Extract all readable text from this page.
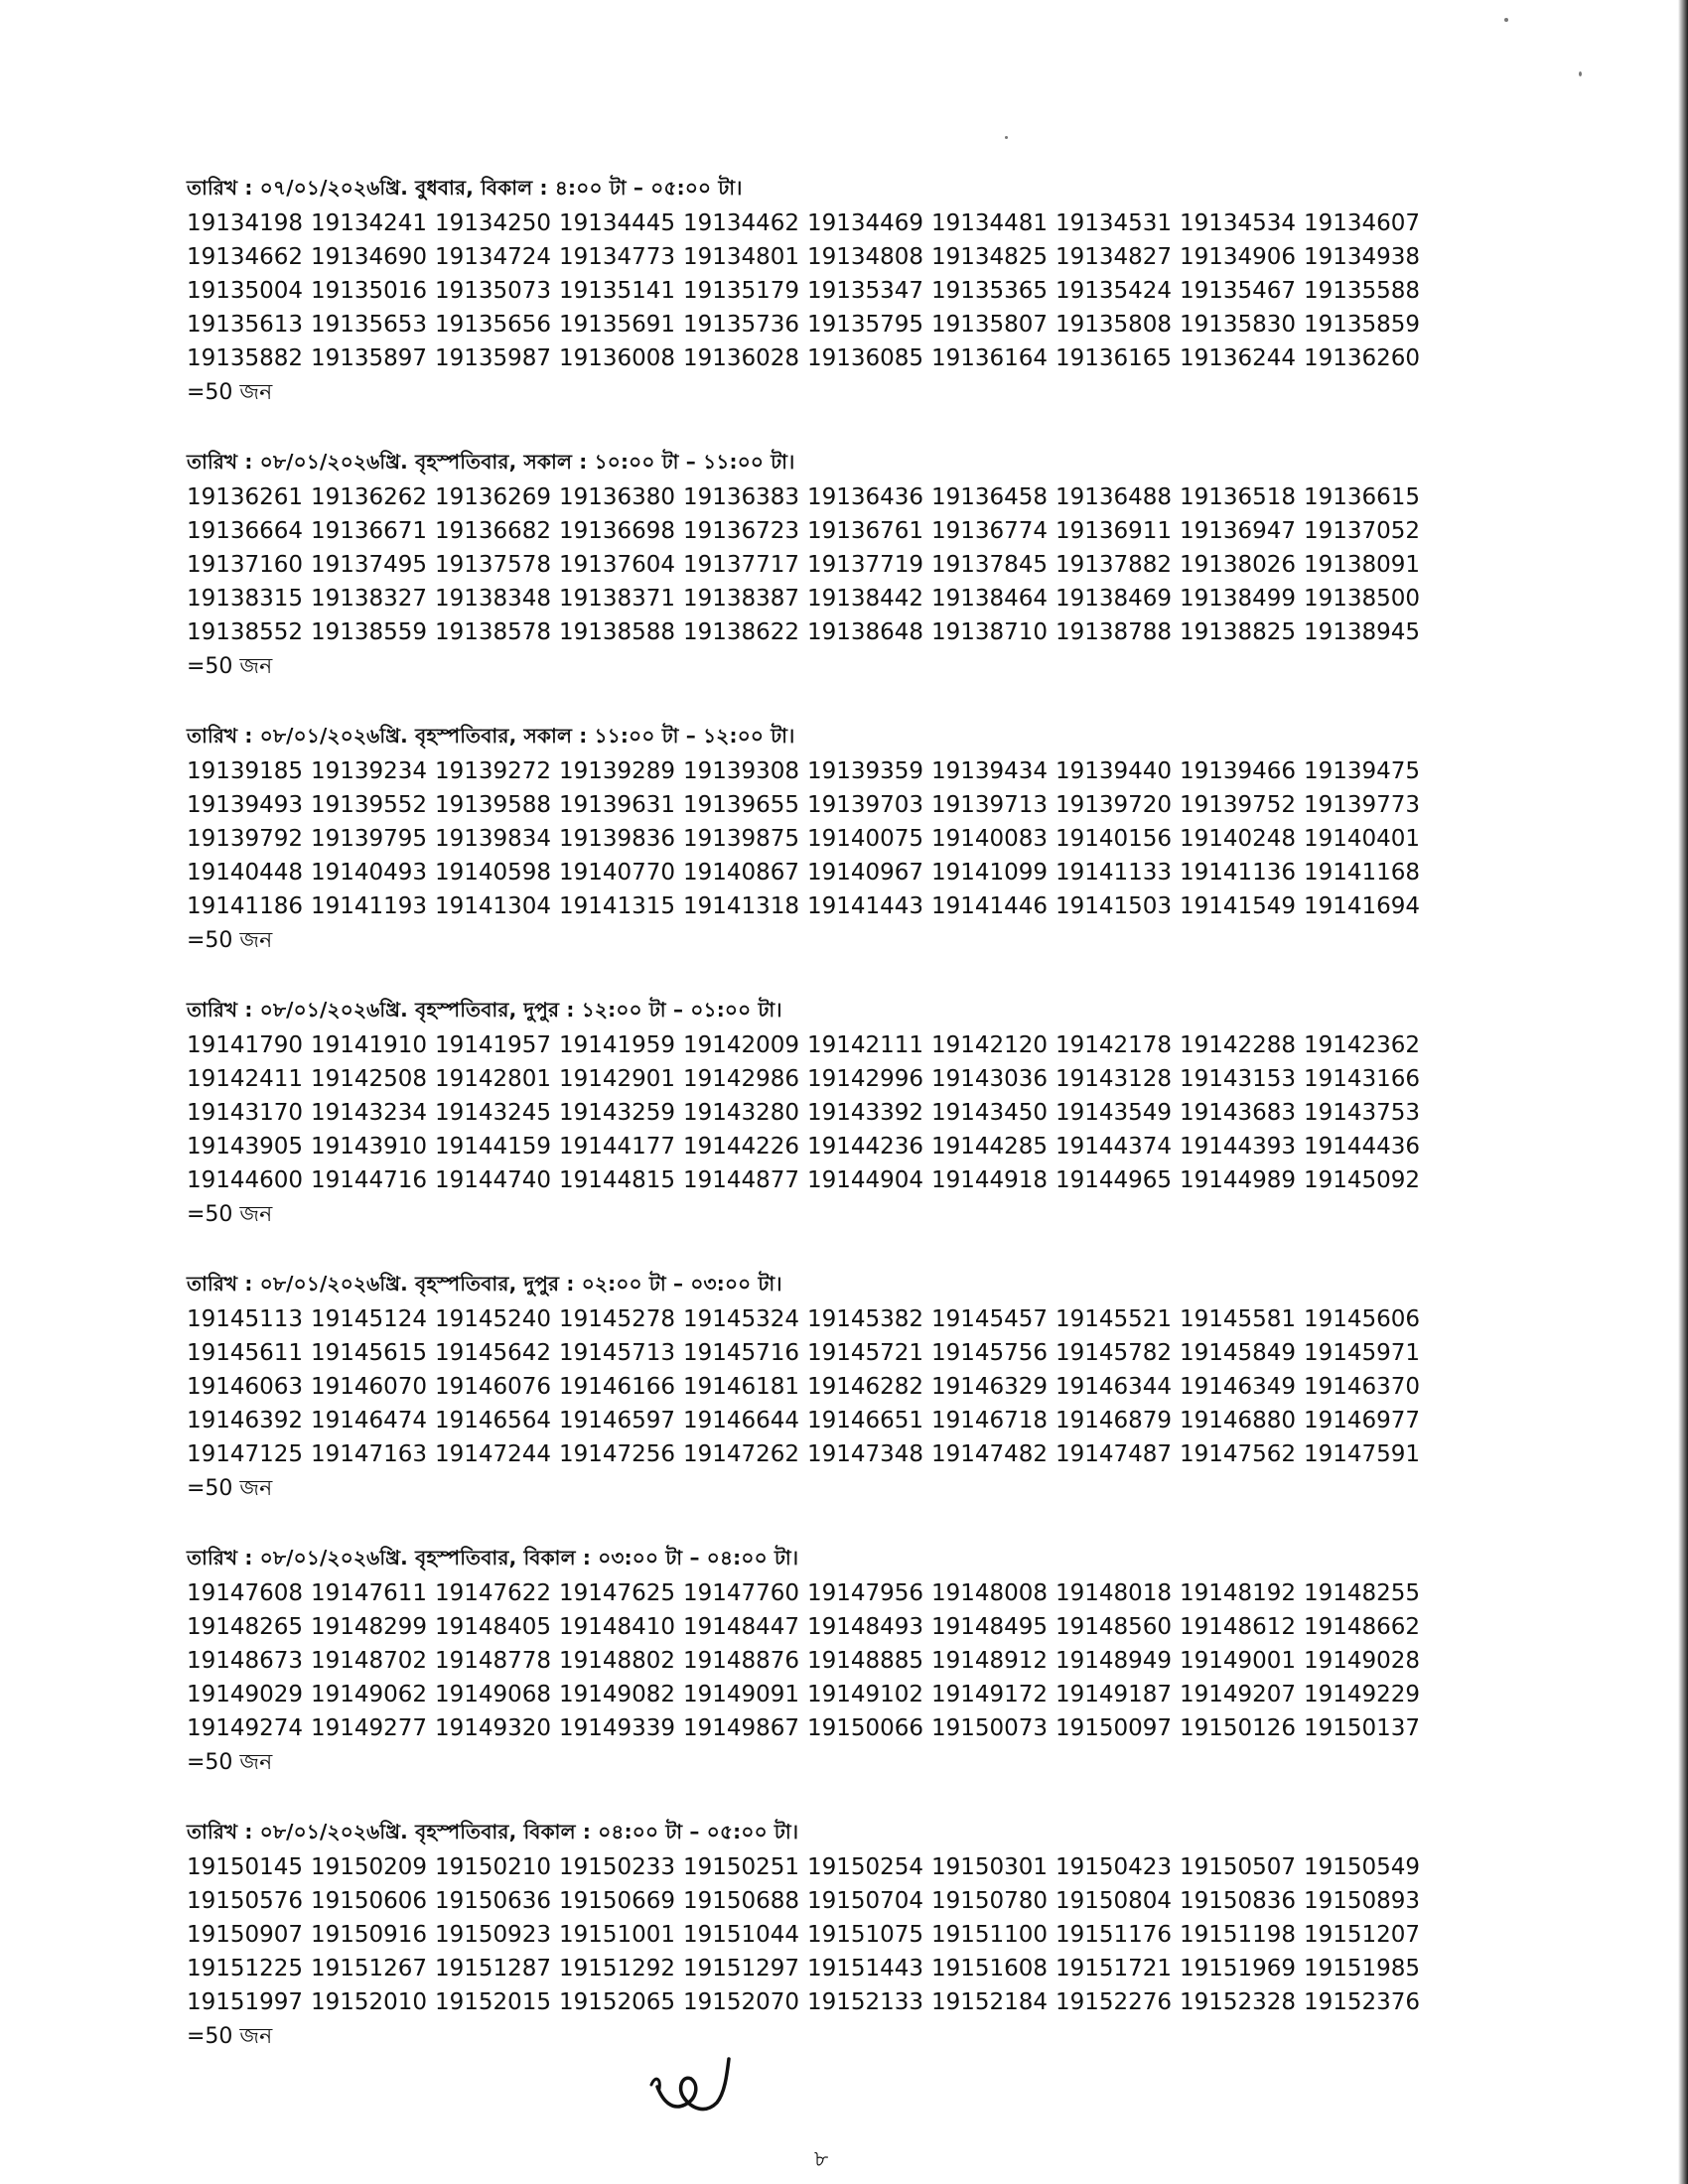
তারিখ : ০৭/০১/২০২৬খ্রি. বুধবার, বিকাল : ৪:০০ টা – ০৫:০০ টা।
19134198 19134241 19134250 19134445 19134462 19134469 19134481 19134531 19134534 19134607
19134662 19134690 19134724 19134773 19134801 19134808 19134825 19134827 19134906 19134938
19135004 19135016 19135073 19135141 19135179 19135347 19135365 19135424 19135467 19135588
19135613 19135653 19135656 19135691 19135736 19135795 19135807 19135808 19135830 19135859
19135882 19135897 19135987 19136008 19136028 19136085 19136164 19136165 19136244 19136260
=50 জন
তারিখ : ০৮/০১/২০২৬খ্রি. বৃহস্পতিবার, সকাল : ১০:০০ টা – ১১:০০ টা।
19136261 19136262 19136269 19136380 19136383 19136436 19136458 19136488 19136518 19136615
19136664 19136671 19136682 19136698 19136723 19136761 19136774 19136911 19136947 19137052
19137160 19137495 19137578 19137604 19137717 19137719 19137845 19137882 19138026 19138091
19138315 19138327 19138348 19138371 19138387 19138442 19138464 19138469 19138499 19138500
19138552 19138559 19138578 19138588 19138622 19138648 19138710 19138788 19138825 19138945
=50 জন
তারিখ : ০৮/০১/২০২৬খ্রি. বৃহস্পতিবার, সকাল : ১১:০০ টা – ১২:০০ টা।
19139185 19139234 19139272 19139289 19139308 19139359 19139434 19139440 19139466 19139475
19139493 19139552 19139588 19139631 19139655 19139703 19139713 19139720 19139752 19139773
19139792 19139795 19139834 19139836 19139875 19140075 19140083 19140156 19140248 19140401
19140448 19140493 19140598 19140770 19140867 19140967 19141099 19141133 19141136 19141168
19141186 19141193 19141304 19141315 19141318 19141443 19141446 19141503 19141549 19141694
=50 জন
তারিখ : ০৮/০১/২০২৬খ্রি. বৃহস্পতিবার, দুপুর : ১২:০০ টা – ০১:০০ টা।
19141790 19141910 19141957 19141959 19142009 19142111 19142120 19142178 19142288 19142362
19142411 19142508 19142801 19142901 19142986 19142996 19143036 19143128 19143153 19143166
19143170 19143234 19143245 19143259 19143280 19143392 19143450 19143549 19143683 19143753
19143905 19143910 19144159 19144177 19144226 19144236 19144285 19144374 19144393 19144436
19144600 19144716 19144740 19144815 19144877 19144904 19144918 19144965 19144989 19145092
=50 জন
তারিখ : ০৮/০১/২০২৬খ্রি. বৃহস্পতিবার, দুপুর : ০২:০০ টা – ০৩:০০ টা।
19145113 19145124 19145240 19145278 19145324 19145382 19145457 19145521 19145581 19145606
19145611 19145615 19145642 19145713 19145716 19145721 19145756 19145782 19145849 19145971
19146063 19146070 19146076 19146166 19146181 19146282 19146329 19146344 19146349 19146370
19146392 19146474 19146564 19146597 19146644 19146651 19146718 19146879 19146880 19146977
19147125 19147163 19147244 19147256 19147262 19147348 19147482 19147487 19147562 19147591
=50 জন
তারিখ : ০৮/০১/২০২৬খ্রি. বৃহস্পতিবার, বিকাল : ০৩:০০ টা – ০৪:০০ টা।
19147608 19147611 19147622 19147625 19147760 19147956 19148008 19148018 19148192 19148255
19148265 19148299 19148405 19148410 19148447 19148493 19148495 19148560 19148612 19148662
19148673 19148702 19148778 19148802 19148876 19148885 19148912 19148949 19149001 19149028
19149029 19149062 19149068 19149082 19149091 19149102 19149172 19149187 19149207 19149229
19149274 19149277 19149320 19149339 19149867 19150066 19150073 19150097 19150126 19150137
=50 জন
তারিখ : ০৮/০১/২০২৬খ্রি. বৃহস্পতিবার, বিকাল : ০৪:০০ টা – ০৫:০০ টা।
19150145 19150209 19150210 19150233 19150251 19150254 19150301 19150423 19150507 19150549
19150576 19150606 19150636 19150669 19150688 19150704 19150780 19150804 19150836 19150893
19150907 19150916 19150923 19151001 19151044 19151075 19151100 19151176 19151198 19151207
19151225 19151267 19151287 19151292 19151297 19151443 19151608 19151721 19151969 19151985
19151997 19152010 19152015 19152065 19152070 19152133 19152184 19152276 19152328 19152376
=50 জন
৮
